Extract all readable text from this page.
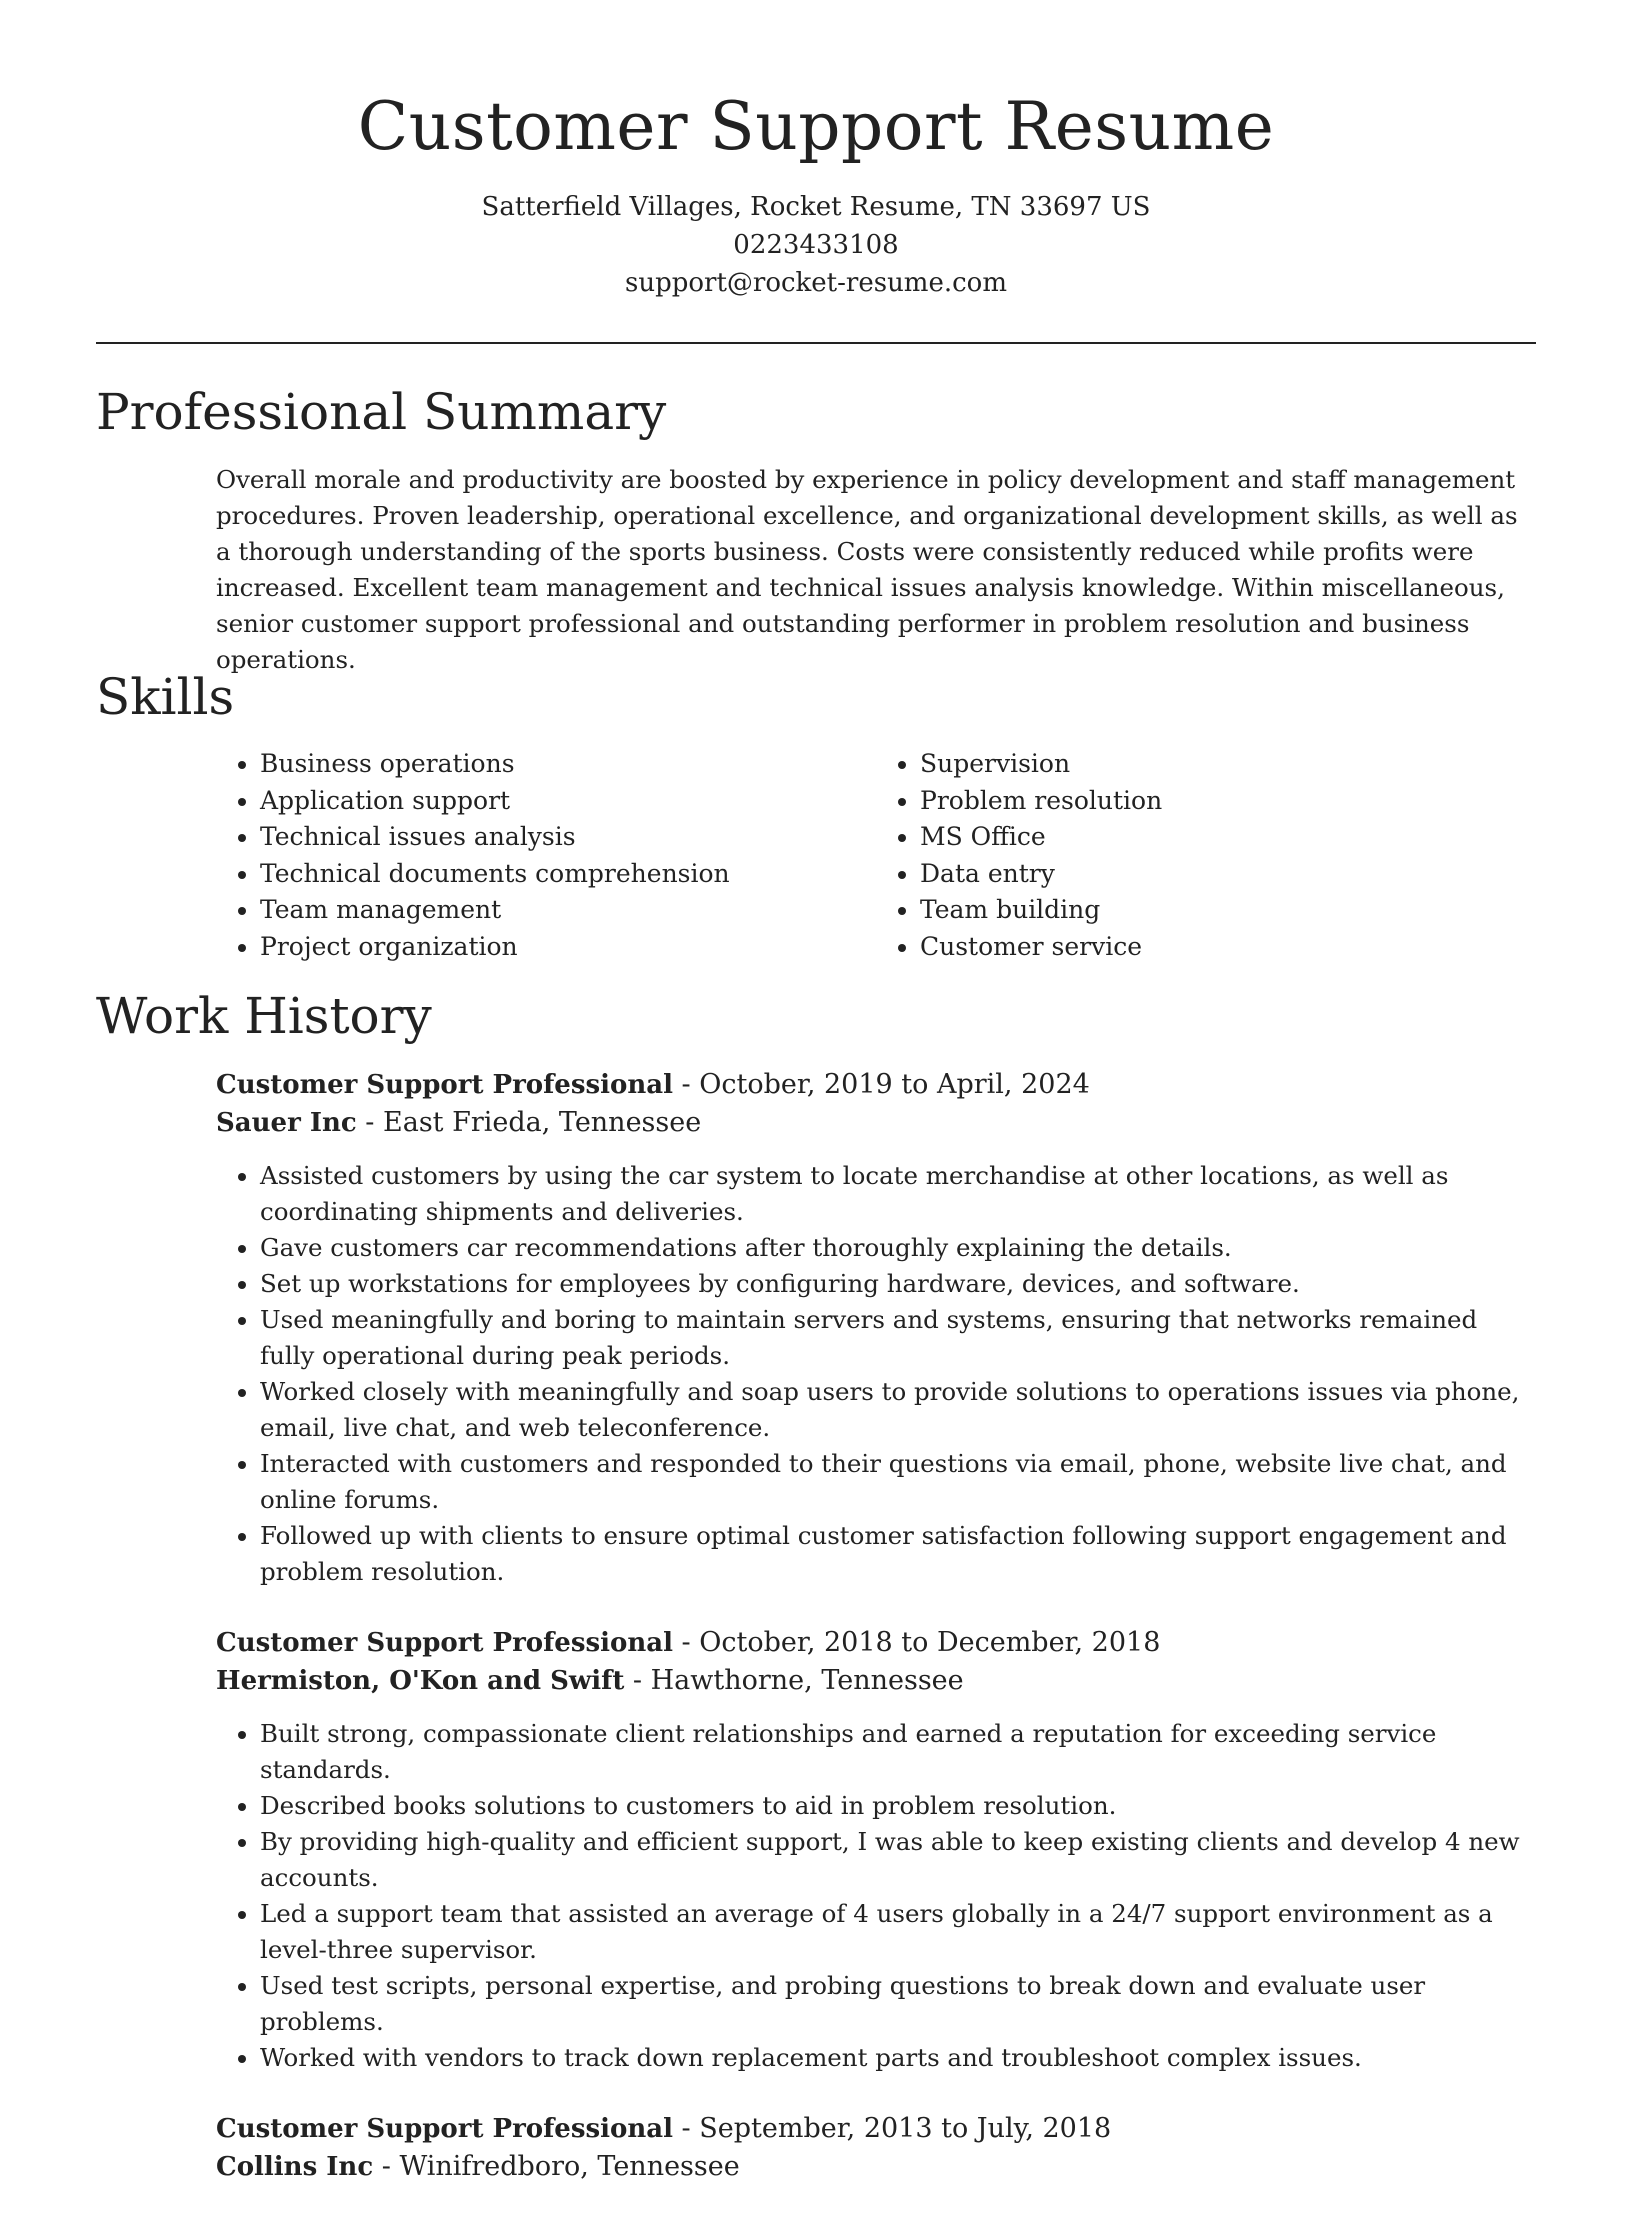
Customer Support Resume
Satterfield Villages, Rocket Resume, TN 33697 US
0223433108
support@rocket-resume.com
Professional Summary

Overall morale and productivity are boosted by experience in policy development and staff management procedures. Proven leadership, operational excellence, and organizational development skills, as well as a thorough understanding of the sports business. Costs were consistently reduced while profits were increased. Excellent team management and technical issues analysis knowledge. Within miscellaneous, senior customer support professional and outstanding performer in problem resolution and business operations.

Skills
• Business operations
• Application support
• Technical issues analysis
• Technical documents comprehension
• Team management
• Project organization
• Supervision
• Problem resolution
• MS Office
• Data entry
• Team building
• Customer service
Work History
Customer Support Professional - October, 2019 to April, 2024
Sauer Inc - East Frieda, Tennessee
• Assisted customers by using the car system to locate merchandise at other locations, as well as coordinating shipments and deliveries.
• Gave customers car recommendations after thoroughly explaining the details.
• Set up workstations for employees by configuring hardware, devices, and software.
• Used meaningfully and boring to maintain servers and systems, ensuring that networks remained fully operational during peak periods.
• Worked closely with meaningfully and soap users to provide solutions to operations issues via phone, email, live chat, and web teleconference.
• Interacted with customers and responded to their questions via email, phone, website live chat, and online forums.
• Followed up with clients to ensure optimal customer satisfaction following support engagement and problem resolution.
Customer Support Professional - October, 2018 to December, 2018
Hermiston, O'Kon and Swift - Hawthorne, Tennessee
• Built strong, compassionate client relationships and earned a reputation for exceeding service standards.
• Described books solutions to customers to aid in problem resolution.
• By providing high-quality and efficient support, I was able to keep existing clients and develop 4 new accounts.
• Led a support team that assisted an average of 4 users globally in a 24/7 support environment as a level-three supervisor.
• Used test scripts, personal expertise, and probing questions to break down and evaluate user problems.
• Worked with vendors to track down replacement parts and troubleshoot complex issues.
Customer Support Professional - September, 2013 to July, 2018
Collins Inc - Winifredboro, Tennessee
